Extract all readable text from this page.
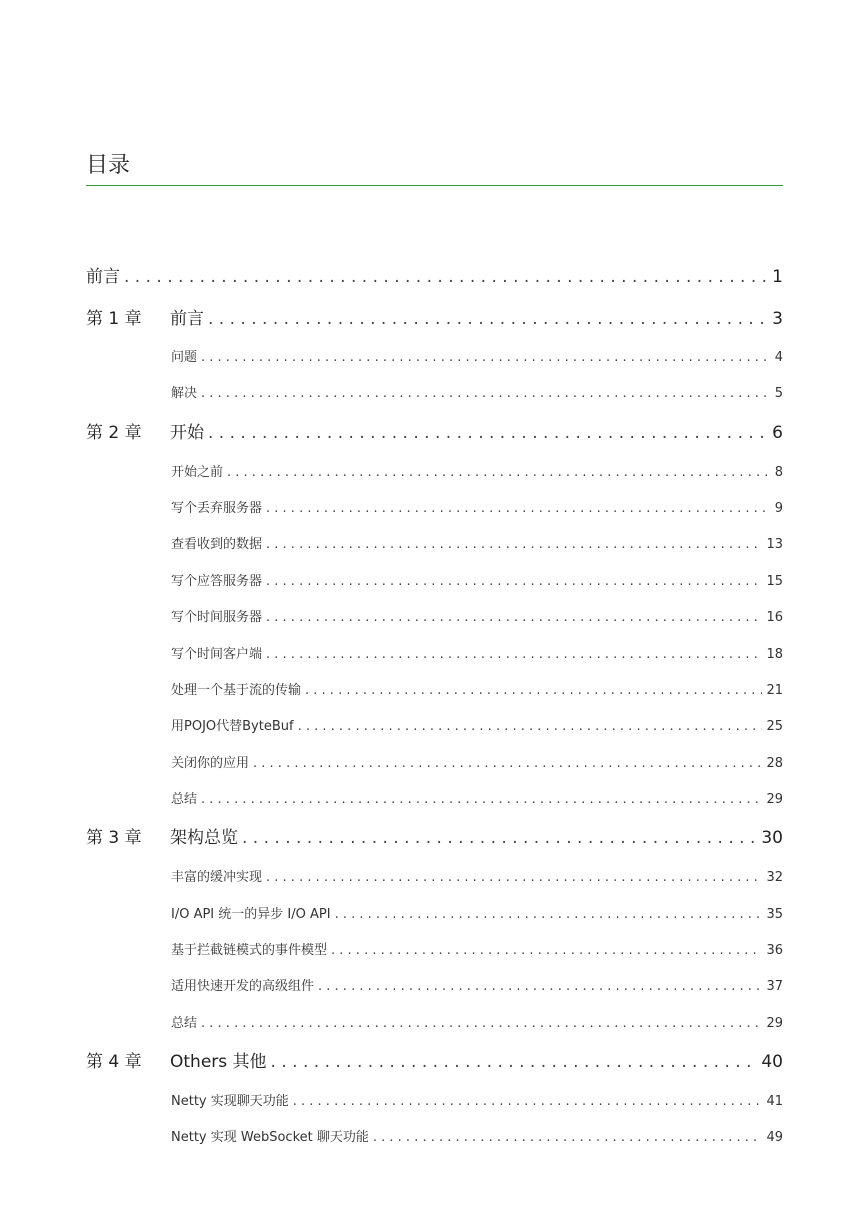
目录
前言 . . .	1
第 1 章 前言 . . .	3
问题 . . .	4
解决 . . .	5
第 2 章 开始 . . .	6
开始之前 . . .	8
写个丢弃服务器 . . .	9
查看收到的数据 . . .	13
写个应答服务器 . . .	15
写个时间服务器 . . .	16
写个时间客户端 . . .	18
处理一个基于流的传输 . . .	21
用POJO代替ByteBuf . . .	25
关闭你的应用 . . .	28
总结 . . .	29
第 3 章 架构总览 . . .	30
丰富的缓冲实现 . . .	32
I/O API 统一的异步 I/O API . . .	35
基于拦截链模式的事件模型 . . .	36
适用快速开发的高级组件 . . .	37
总结 . . .	29
第 4 章 Others 其他 . . .	40
Netty 实现聊天功能 . . .	41
Netty 实现 WebSocket 聊天功能 . . .	49
